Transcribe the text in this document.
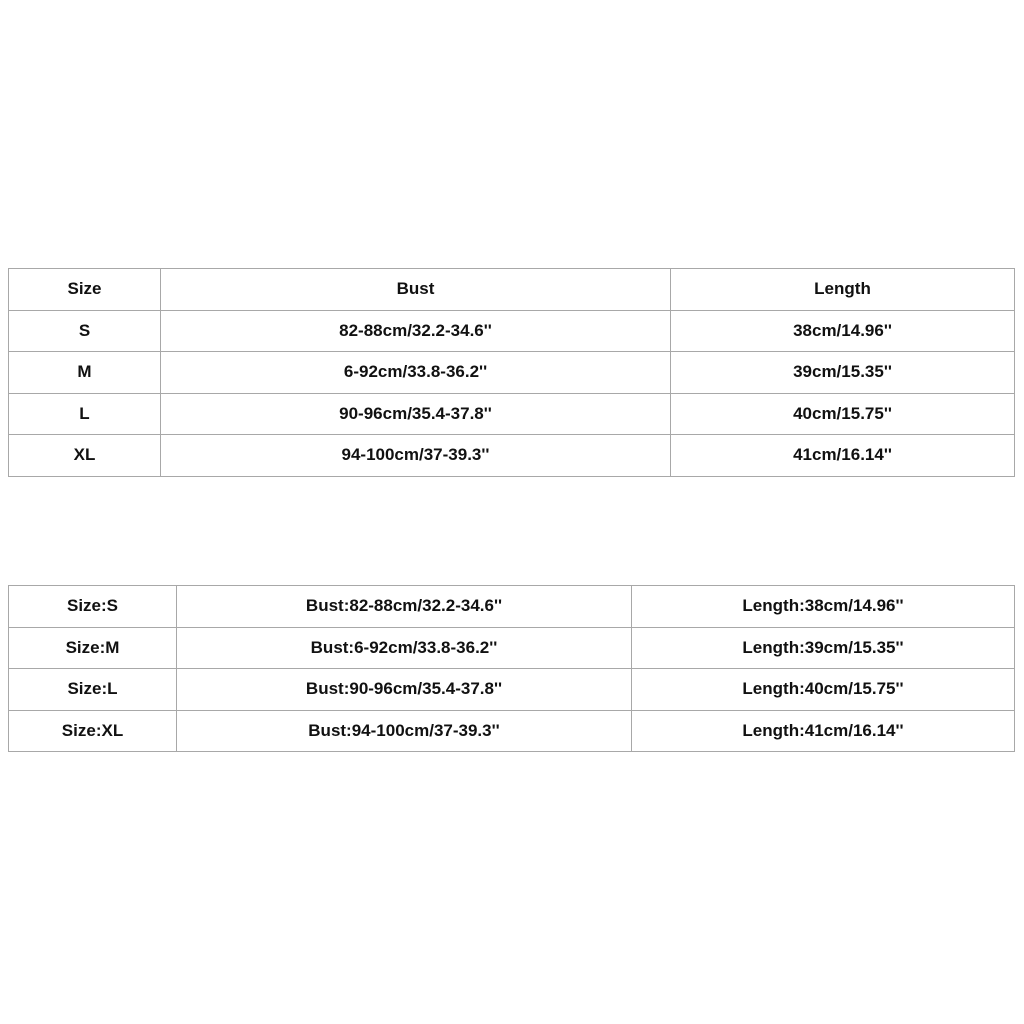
Size	Bust	Length
S	82-88cm/32.2-34.6''	38cm/14.96''
M	6-92cm/33.8-36.2''	39cm/15.35''
L	90-96cm/35.4-37.8''	40cm/15.75''
XL	94-100cm/37-39.3''	41cm/16.14''
Size:S	Bust:82-88cm/32.2-34.6''	Length:38cm/14.96''
Size:M	Bust:6-92cm/33.8-36.2''	Length:39cm/15.35''
Size:L	Bust:90-96cm/35.4-37.8''	Length:40cm/15.75''
Size:XL	Bust:94-100cm/37-39.3''	Length:41cm/16.14''
